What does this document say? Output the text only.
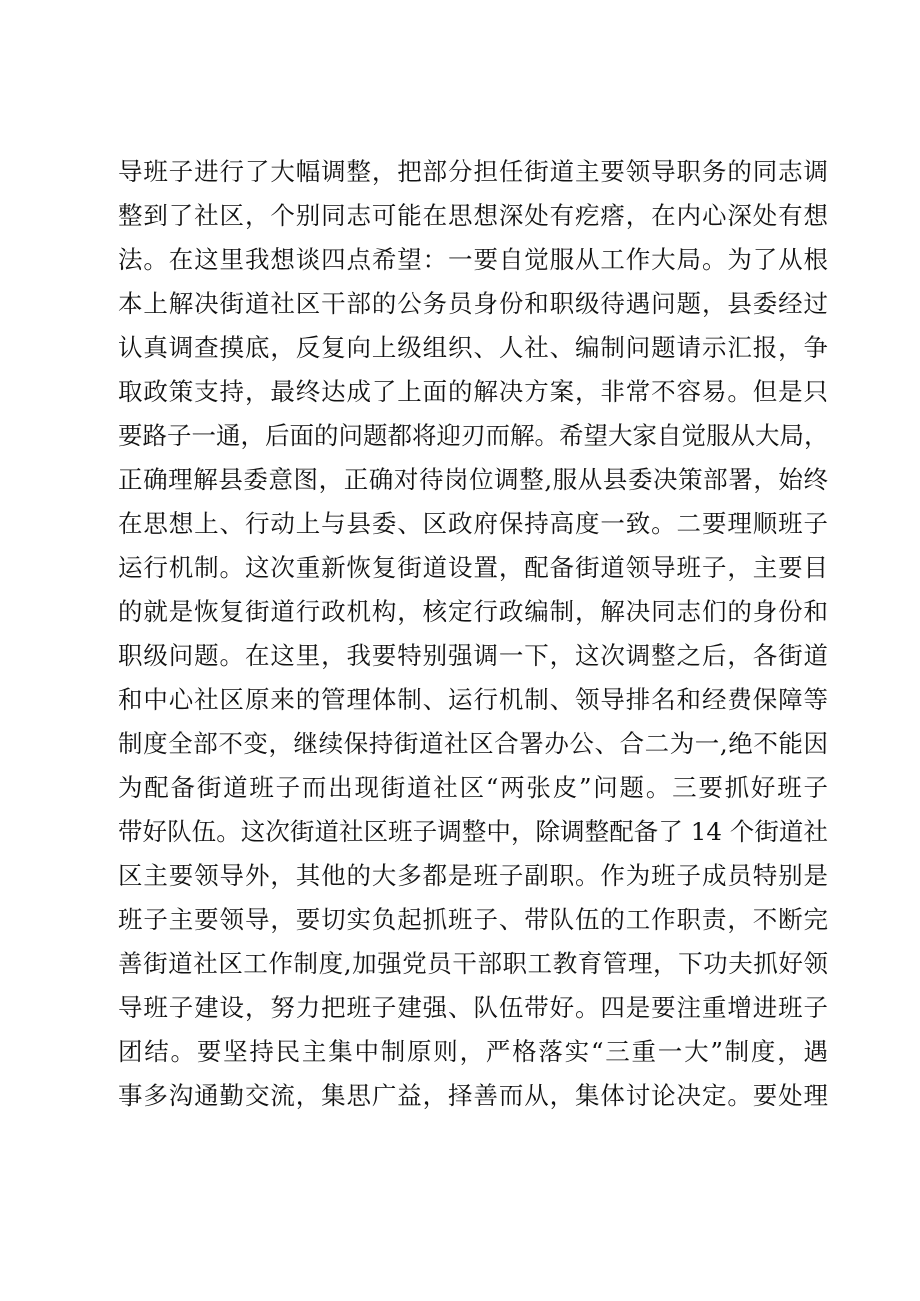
导班子进行了大幅调整，把部分担任街道主要领导职务的同志调
整到了社区，个别同志可能在思想深处有疙瘩，在内心深处有想
法。在这里我想谈四点希望：一要自觉服从工作大局。为了从根
本上解决街道社区干部的公务员身份和职级待遇问题，县委经过
认真调查摸底，反复向上级组织、人社、编制问题请示汇报，争
取政策支持，最终达成了上面的解决方案，非常不容易。但是只
要路子一通，后面的问题都将迎刃而解。希望大家自觉服从大局，
正确理解县委意图，正确对待岗位调整,服从县委决策部署，始终
在思想上、行动上与县委、区政府保持高度一致。二要理顺班子
运行机制。这次重新恢复街道设置，配备街道领导班子，主要目
的就是恢复街道行政机构，核定行政编制，解决同志们的身份和
职级问题。在这里，我要特别强调一下，这次调整之后，各街道
和中心社区原来的管理体制、运行机制、领导排名和经费保障等
制度全部不变，继续保持街道社区合署办公、合二为一,绝不能因
为配备街道班子而出现街道社区“两张皮”问题。三要抓好班子
带好队伍。这次街道社区班子调整中，除调整配备了 14 个街道社
区主要领导外，其他的大多都是班子副职。作为班子成员特别是
班子主要领导，要切实负起抓班子、带队伍的工作职责，不断完
善街道社区工作制度,加强党员干部职工教育管理，下功夫抓好领
导班子建设，努力把班子建强、队伍带好。四是要注重增进班子
团结。要坚持民主集中制原则，严格落实“三重一大”制度，遇
事多沟通勤交流，集思广益，择善而从，集体讨论决定。要处理
